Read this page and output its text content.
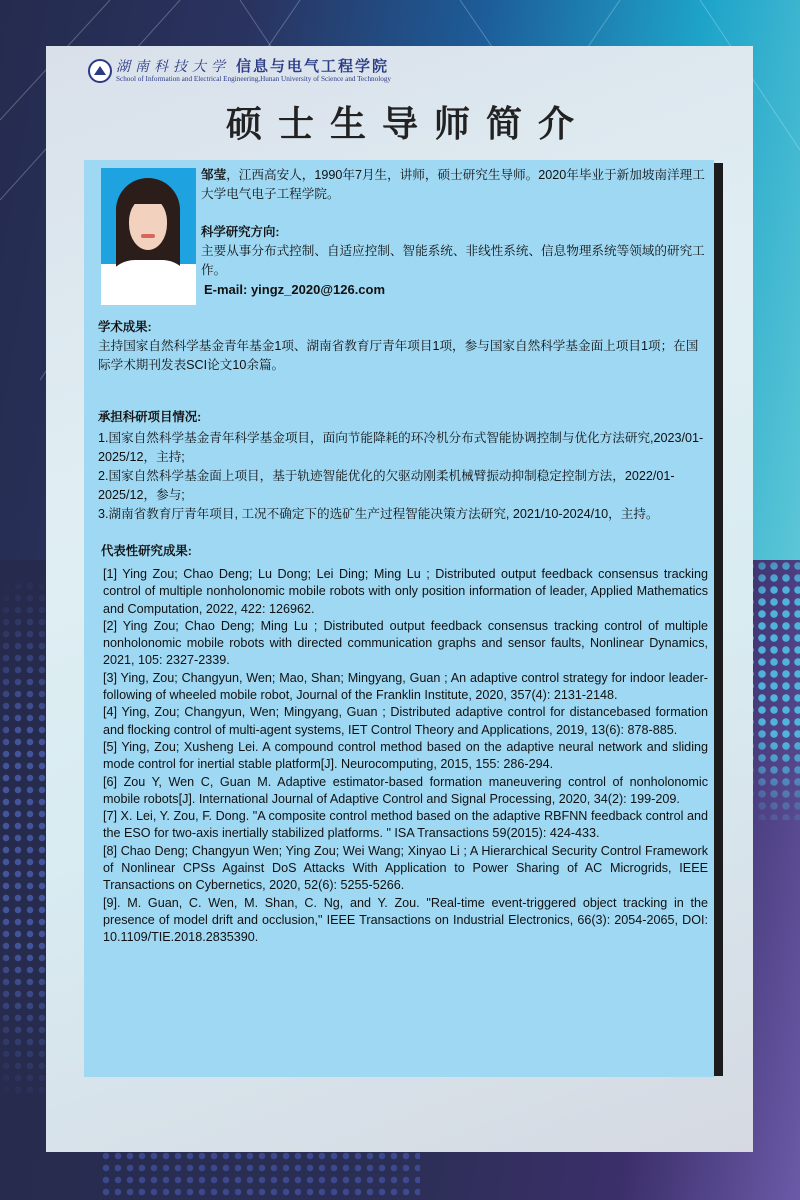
湖南科技大学 信息与电气工程学院
School of Information and Electrical Engineering,Hunan University of Science and Technology
硕士生导师简介
邹莹，江西高安人，1990年7月生，讲师，硕士研究生导师。2020年毕业于新加坡南洋理工大学电气电子工程学院。
科学研究方向:
主要从事分布式控制、自适应控制、智能系统、非线性系统、信息物理系统等领域的研究工作。
E-mail: yingz_2020@126.com
学术成果:
主持国家自然科学基金青年基金1项、湖南省教育厅青年项目1项，参与国家自然科学基金面上项目1项；在国际学术期刊发表SCI论文10余篇。
承担科研项目情况:
1.国家自然科学基金青年科学基金项目，面向节能降耗的环冷机分布式智能协调控制与优化方法研究,2023/01-2025/12，主持;
2.国家自然科学基金面上项目，基于轨迹智能优化的欠驱动刚柔机械臂振动抑制稳定控制方法，2022/01-2025/12，参与;
3.湖南省教育厅青年项目, 工况不确定下的选矿生产过程智能决策方法研究, 2021/10-2024/10，主持。
代表性研究成果:

[1] Ying Zou; Chao Deng; Lu Dong; Lei Ding; Ming Lu ; Distributed output feedback consensus tracking control of multiple nonholonomic mobile robots with only position information of leader, Applied Mathematics and Computation, 2022, 422: 126962.

[2] Ying Zou; Chao Deng; Ming Lu ; Distributed output feedback consensus tracking control of multiple nonholonomic mobile robots with directed communication graphs and sensor faults, Nonlinear Dynamics, 2021, 105: 2327-2339.

[3] Ying, Zou; Changyun, Wen; Mao, Shan; Mingyang, Guan ; An adaptive control strategy for indoor leader-following of wheeled mobile robot, Journal of the Franklin Institute, 2020, 357(4): 2131-2148.

[4] Ying, Zou; Changyun, Wen; Mingyang, Guan ; Distributed adaptive control for distancebased formation and flocking control of multi-agent systems, IET Control Theory and Applications, 2019, 13(6): 878-885.

[5] Ying, Zou; Xusheng Lei. A compound control method based on the adaptive neural network and sliding mode control for inertial stable platform[J]. Neurocomputing, 2015, 155: 286-294.

[6] Zou Y, Wen C, Guan M. Adaptive estimator-based formation maneuvering control of nonholonomic mobile robots[J]. International Journal of Adaptive Control and Signal Processing, 2020, 34(2): 199-209.

[7] X. Lei, Y. Zou, F. Dong. "A composite control method based on the adaptive RBFNN feedback control and the ESO for two-axis inertially stabilized platforms. " ISA Transactions 59(2015): 424-433.

[8] Chao Deng; Changyun Wen; Ying Zou; Wei Wang; Xinyao Li ; A Hierarchical Security Control Framework of Nonlinear CPSs Against DoS Attacks With Application to Power Sharing of AC Microgrids, IEEE Transactions on Cybernetics, 2020, 52(6): 5255-5266.

[9]. M. Guan, C. Wen, M. Shan, C. Ng, and Y. Zou. "Real-time event-triggered object tracking in the presence of model drift and occlusion," IEEE Transactions on Industrial Electronics, 66(3): 2054-2065, DOI: 10.1109/TIE.2018.2835390.
